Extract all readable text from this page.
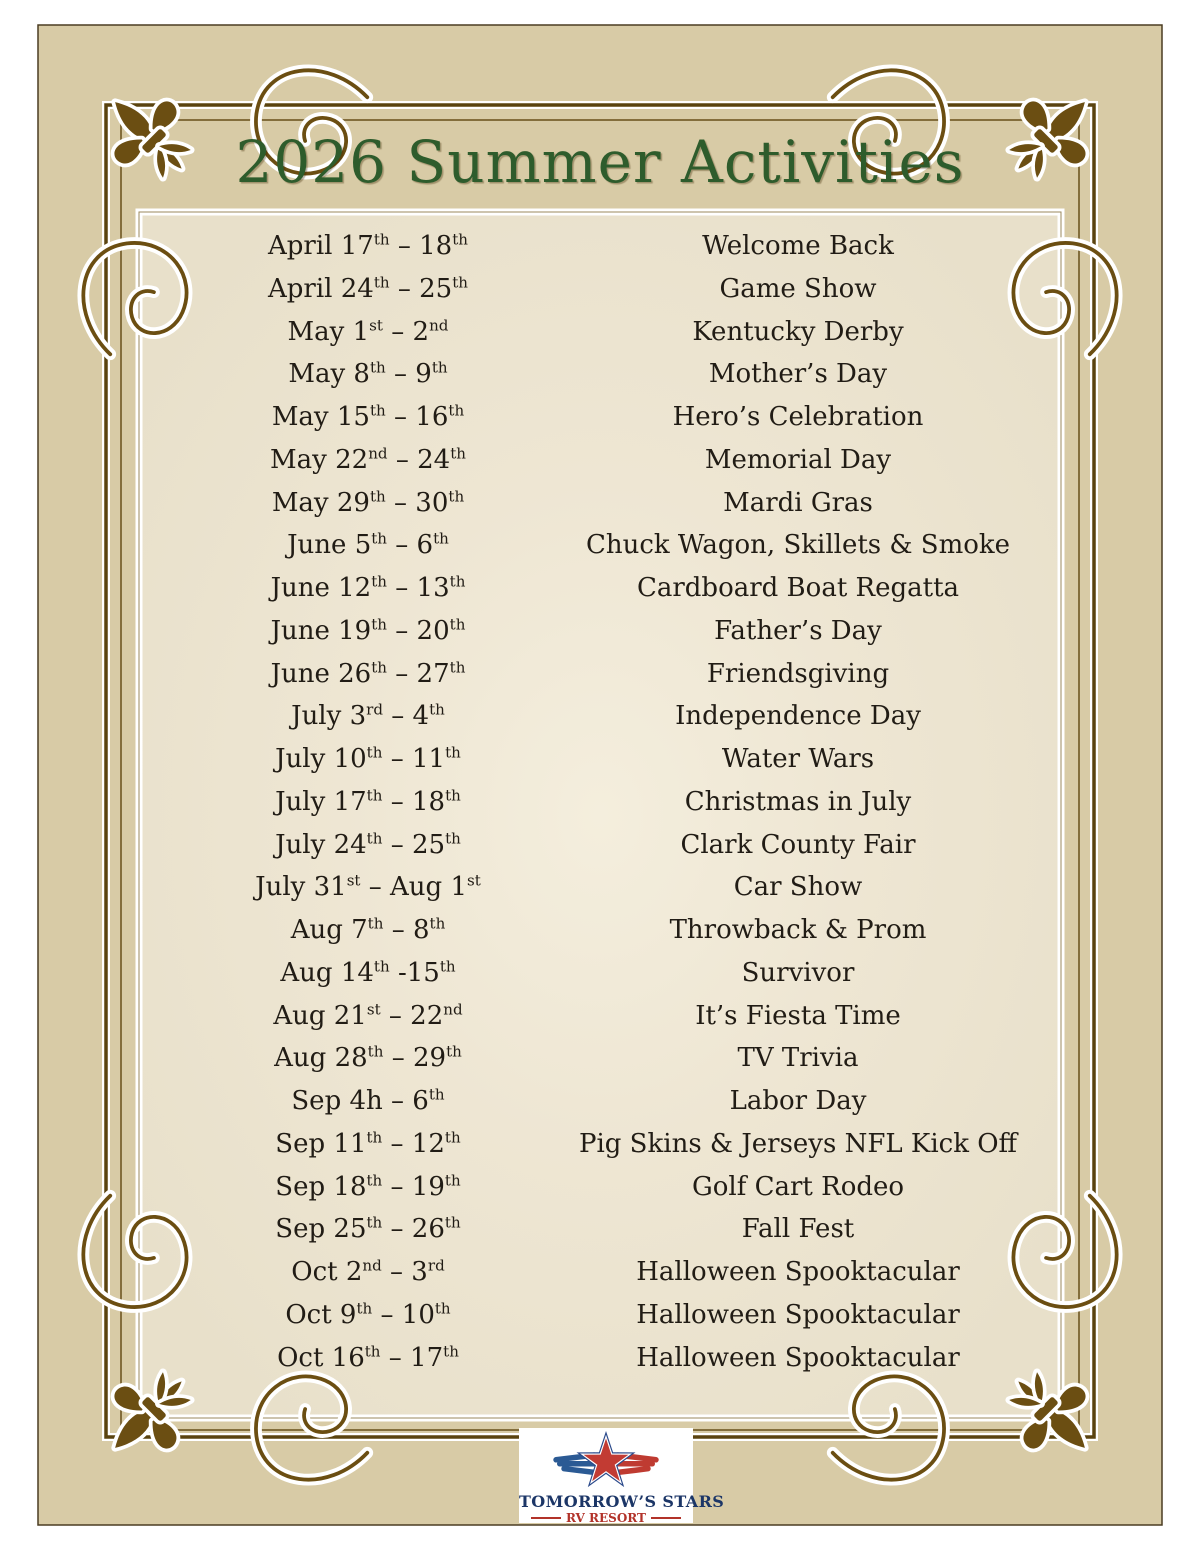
2026 Summer Activities
April 17th – 18th	Welcome Back
April 24th – 25th	Game Show
May 1st – 2nd	Kentucky Derby
May 8th – 9th	Mother’s Day
May 15th – 16th	Hero’s Celebration
May 22nd – 24th	Memorial Day
May 29th – 30th	Mardi Gras
June 5th – 6th	Chuck Wagon, Skillets & Smoke
June 12th – 13th	Cardboard Boat Regatta
June 19th – 20th	Father’s Day
June 26th – 27th	Friendsgiving
July 3rd – 4th	Independence Day
July 10th – 11th	Water Wars
July 17th – 18th	Christmas in July
July 24th – 25th	Clark County Fair
July 31st – Aug 1st	Car Show
Aug 7th – 8th	Throwback & Prom
Aug 14th -15th	Survivor
Aug 21st – 22nd	It’s Fiesta Time
Aug 28th – 29th	TV Trivia
Sep 4h – 6th	Labor Day
Sep 11th – 12th	Pig Skins & Jerseys NFL Kick Off
Sep 18th – 19th	Golf Cart Rodeo
Sep 25th – 26th	Fall Fest
Oct 2nd – 3rd	Halloween Spooktacular
Oct 9th – 10th	Halloween Spooktacular
Oct 16th – 17th	Halloween Spooktacular
TOMORROW’S STARS
RV RESORT
